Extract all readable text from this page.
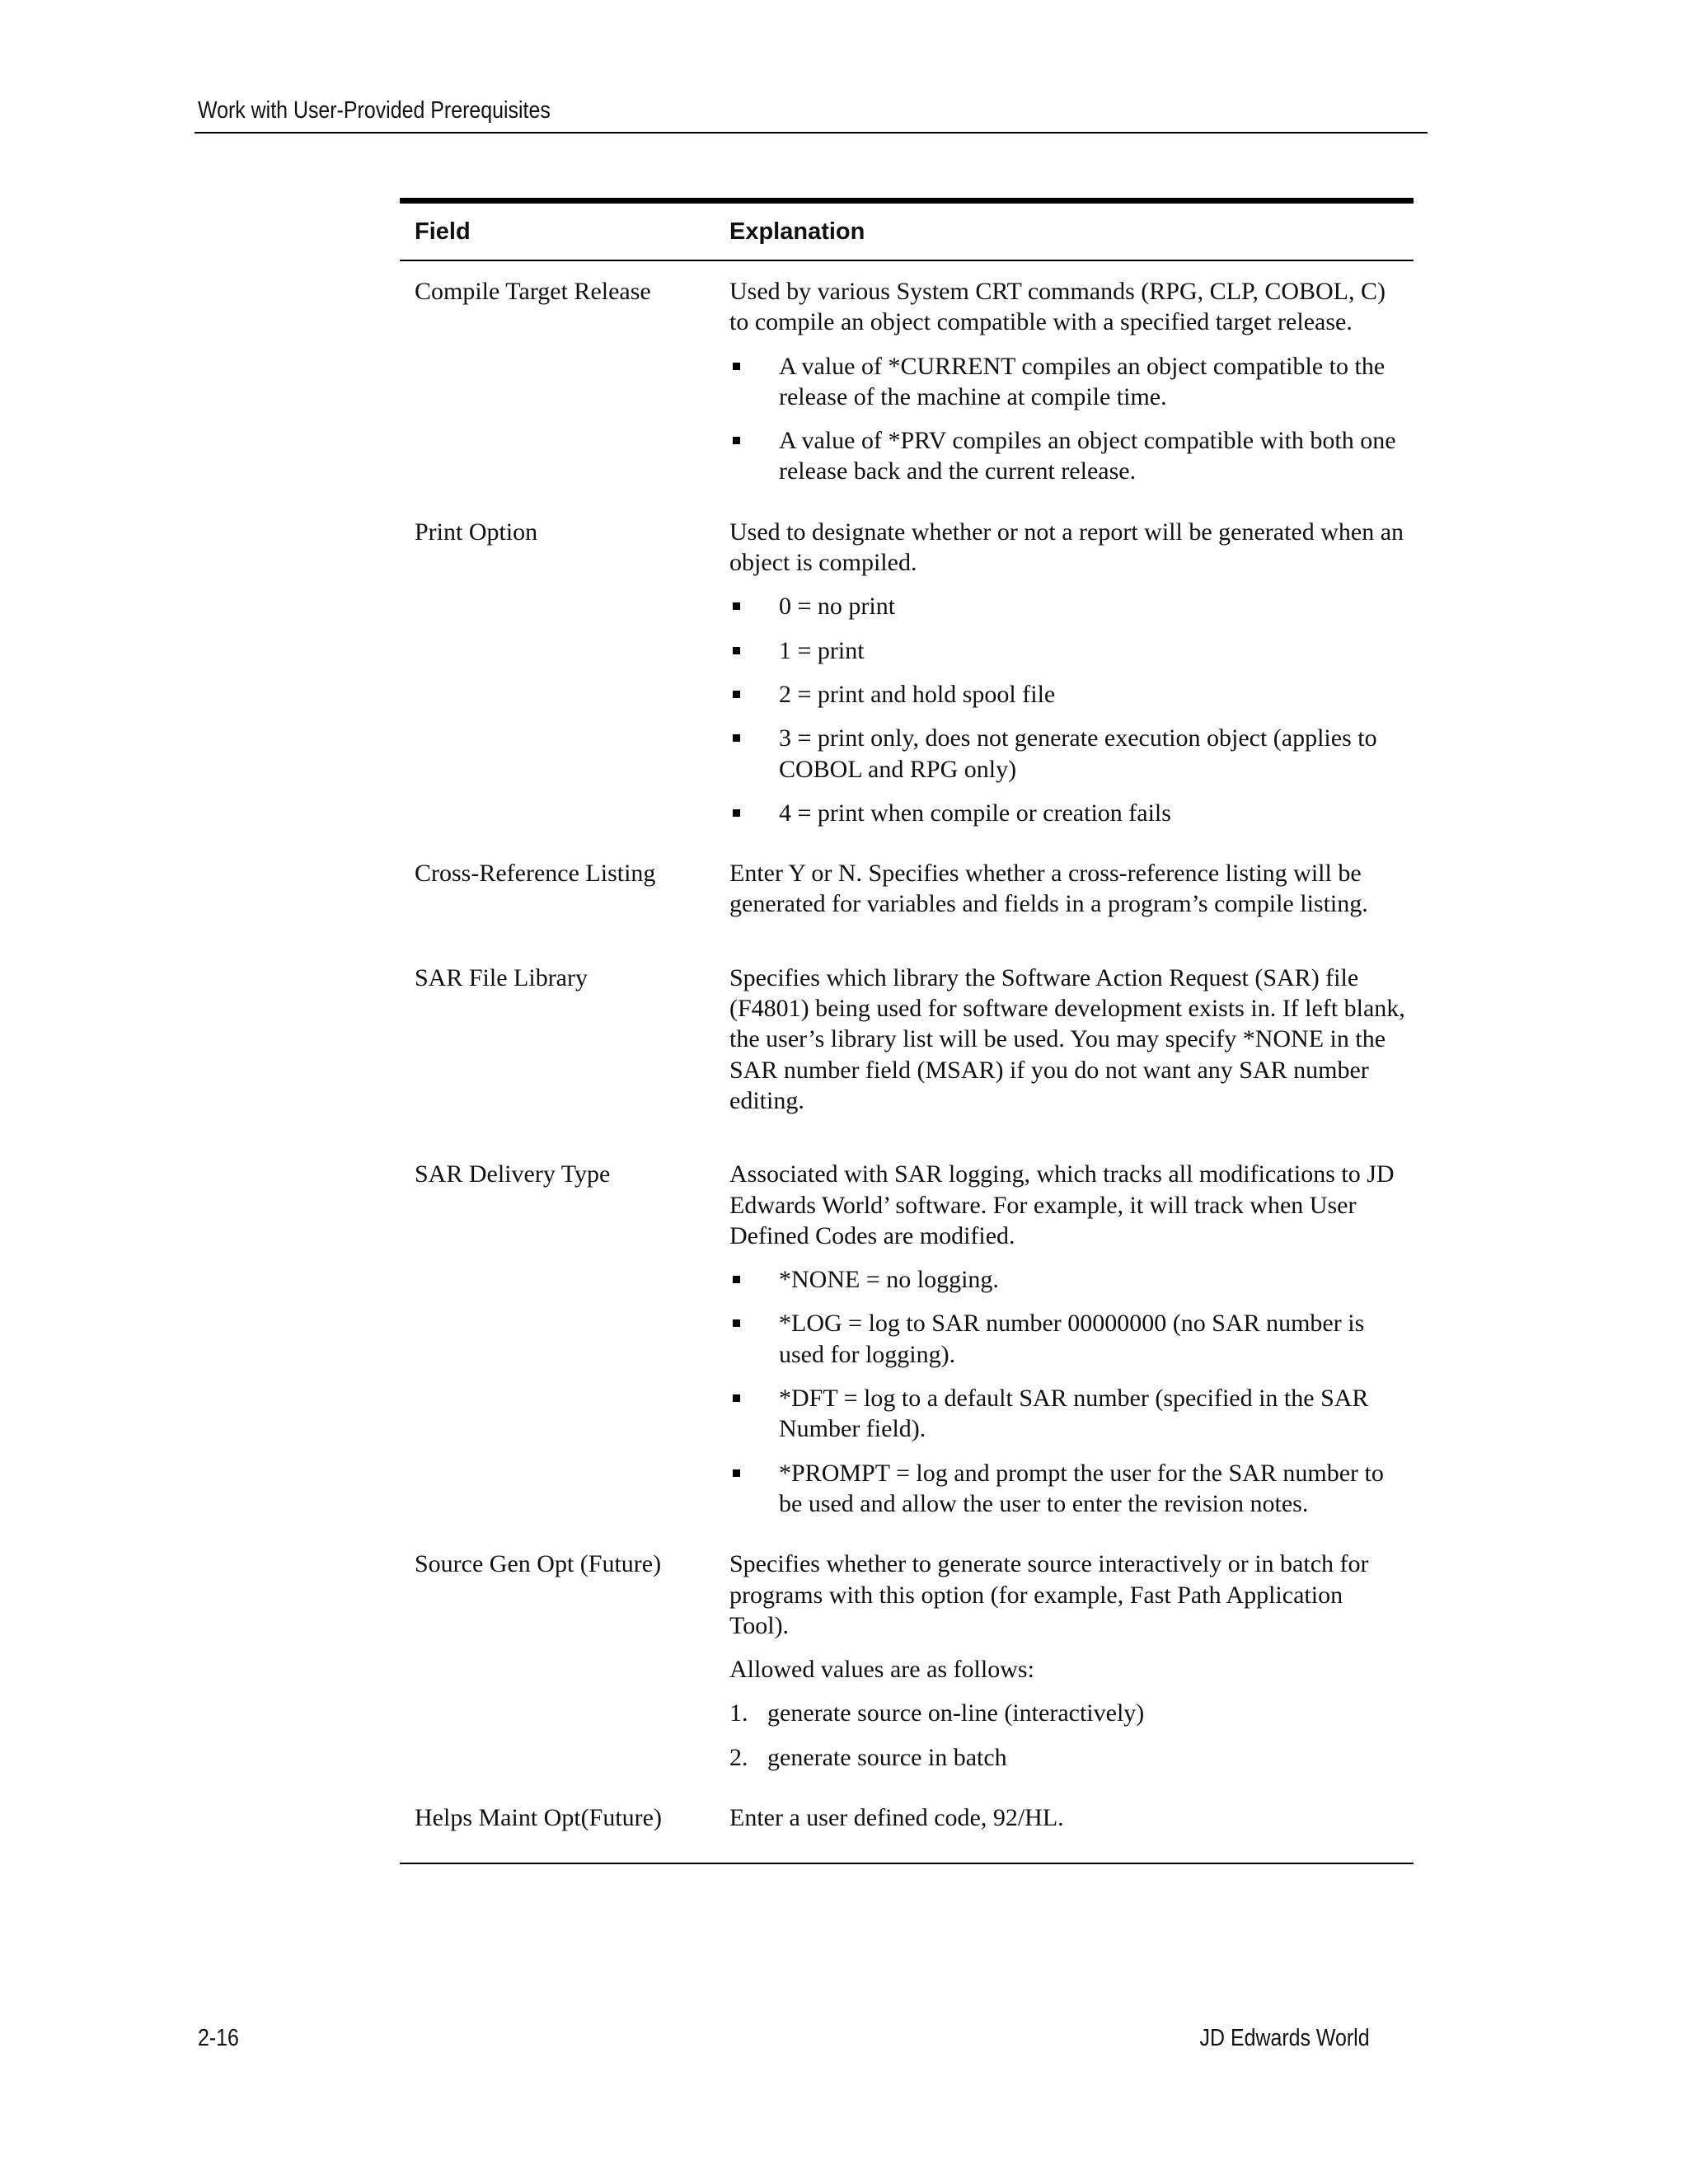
Work with User-Provided Prerequisites
Field	Explanation
Compile Target Release	Used by various System CRT commands (RPG, CLP, COBOL, C) to compile an object compatible with a specified target release.

A value of *CURRENT compiles an object compatible to the release of the machine at compile time.
A value of *PRV compiles an object compatible with both one release back and the current release.
Print Option	Used to designate whether or not a report will be generated when an object is compiled.

0 = no print
1 = print
2 = print and hold spool file
3 = print only, does not generate execution object (applies to COBOL and RPG only)
4 = print when compile or creation fails
Cross-Reference Listing	Enter Y or N. Specifies whether a cross-reference listing will be generated for variables and fields in a program’s compile listing.

SAR File Library	Specifies which library the Software Action Request (SAR) file (F4801) being used for software development exists in. If left blank, the user’s library list will be used. You may specify *NONE in the SAR number field (MSAR) if you do not want any SAR number editing.

SAR Delivery Type	Associated with SAR logging, which tracks all modifications to JD Edwards World’ software. For example, it will track when User Defined Codes are modified.

*NONE = no logging.
*LOG = log to SAR number 00000000 (no SAR number is used for logging).
*DFT = log to a default SAR number (specified in the SAR Number field).
*PROMPT = log and prompt the user for the SAR number to be used and allow the user to enter the revision notes.
Source Gen Opt (Future)	Specifies whether to generate source interactively or in batch for programs with this option (for example, Fast Path Application Tool).

Allowed values are as follows:

1. generate source on-line (interactively)
2. generate source in batch
Helps Maint Opt(Future)	Enter a user defined code, 92/HL.

2-16	JD Edwards World
